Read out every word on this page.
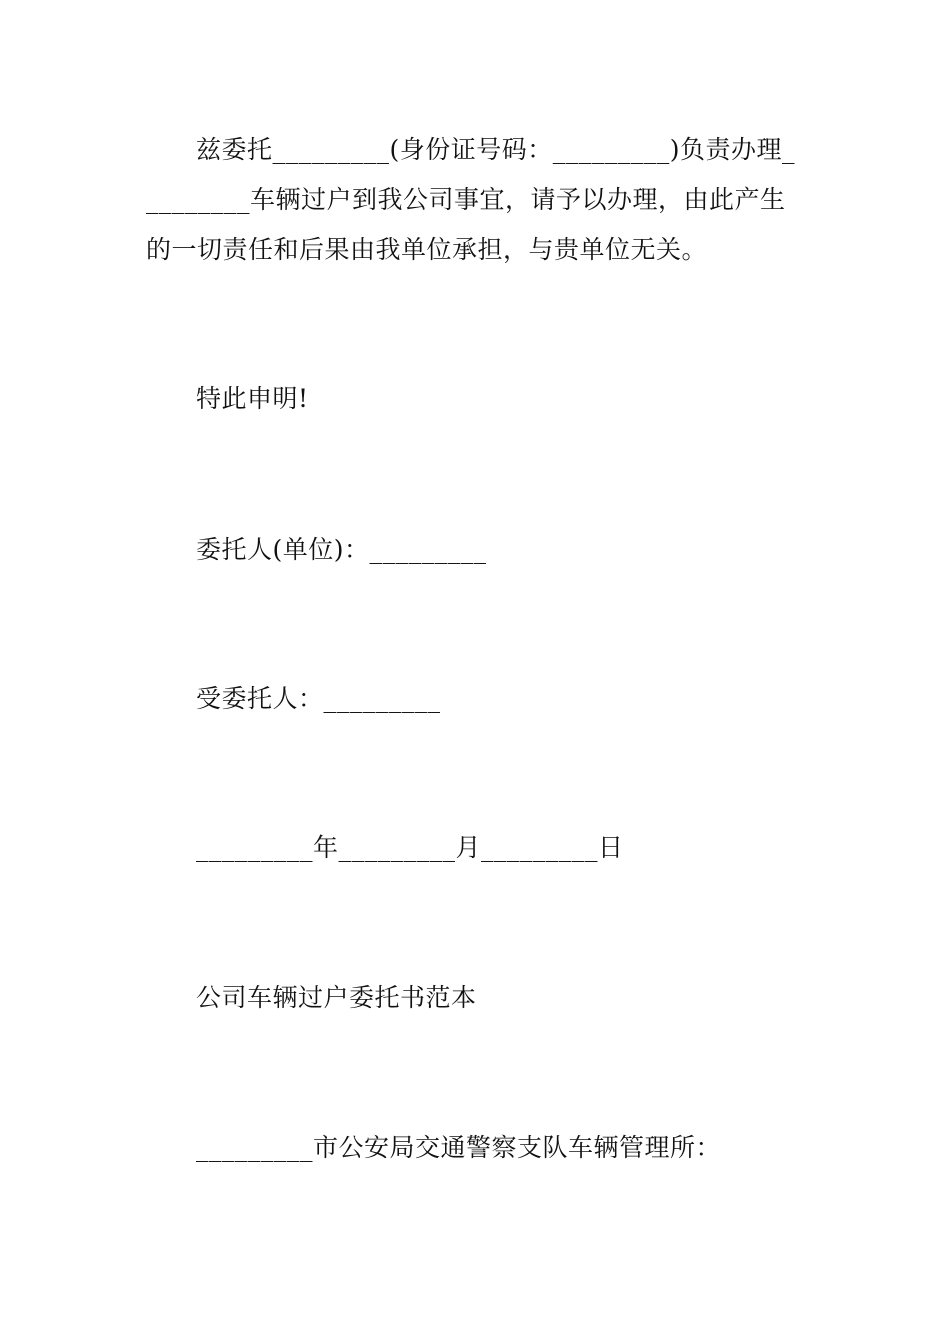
兹委托_________(身份证号码：_________)负责办理_
________车辆过户到我公司事宜，请予以办理，由此产生
的一切责任和后果由我单位承担，与贵单位无关。
特此申明!
委托人(单位)：_________
受委托人：_________
_________年_________月_________日
公司车辆过户委托书范本
_________市公安局交通警察支队车辆管理所：
